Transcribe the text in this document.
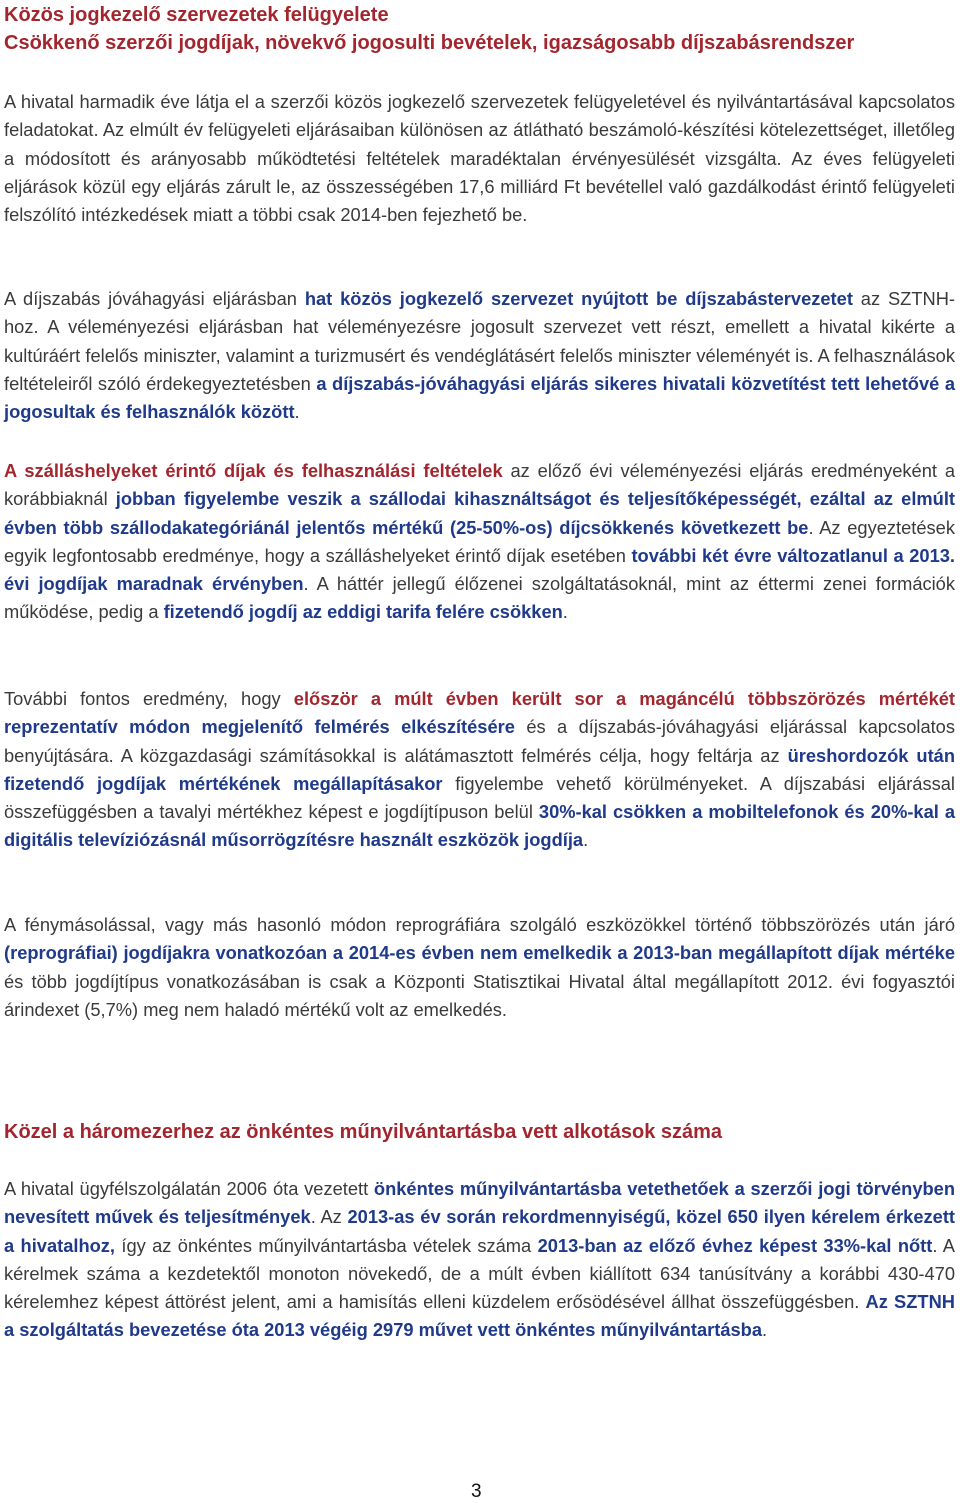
Közös jogkezelő szervezetek felügyelete
Csökkenő szerzői jogdíjak, növekvő jogosulti bevételek, igazságosabb díjszabásrendszer

A hivatal harmadik éve látja el a szerzői közös jogkezelő szervezetek felügyeletével és nyilvántartásával kapcsolatos feladatokat. Az elmúlt év felügyeleti eljárásaiban különösen az átlátható beszámoló-készítési kötelezettséget, illetőleg a módosított és arányosabb működtetési feltételek maradéktalan érvényesülését vizsgálta. Az éves felügyeleti eljárások közül egy eljárás zárult le, az összességében 17,6 milliárd Ft bevétellel való gazdálkodást érintő felügyeleti felszólító intézkedések miatt a többi csak 2014-ben fejezhető be.

A díjszabás jóváhagyási eljárásban hat közös jogkezelő szervezet nyújtott be díjszabástervezetet az SZTNH-hoz. A véleményezési eljárásban hat véleményezésre jogosult szervezet vett részt, emellett a hivatal kikérte a kultúráért felelős miniszter, valamint a turizmusért és vendéglátásért felelős miniszter véleményét is. A felhasználások feltételeiről szóló érdekegyeztetésben a díjszabás-jóváhagyási eljárás sikeres hivatali közvetítést tett lehetővé a jogosultak és felhasználók között.

A szálláshelyeket érintő díjak és felhasználási feltételek az előző évi véleményezési eljárás eredményeként a korábbiaknál jobban figyelembe veszik a szállodai kihasználtságot és teljesítőképességét, ezáltal az elmúlt évben több szállodakategóriánál jelentős mértékű (25-50%-os) díjcsökkenés következett be. Az egyeztetések egyik legfontosabb eredménye, hogy a szálláshelyeket érintő díjak esetében további két évre változatlanul a 2013. évi jogdíjak maradnak érvényben. A háttér jellegű élőzenei szolgáltatásoknál, mint az éttermi zenei formációk működése, pedig a fizetendő jogdíj az eddigi tarifa felére csökken.

További fontos eredmény, hogy először a múlt évben került sor a magáncélú többszörözés mértékét reprezentatív módon megjelenítő felmérés elkészítésére és a díjszabás-jóváhagyási eljárással kapcsolatos benyújtására. A közgazdasági számításokkal is alátámasztott felmérés célja, hogy feltárja az üreshordozók után fizetendő jogdíjak mértékének megállapításakor figyelembe vehető körülményeket. A díjszabási eljárással összefüggésben a tavalyi mértékhez képest e jogdíjtípuson belül 30%-kal csökken a mobiltelefonok és 20%-kal a digitális televíziózásnál műsorrögzítésre használt eszközök jogdíja.

A fénymásolással, vagy más hasonló módon reprográfiára szolgáló eszközökkel történő többszörözés után járó (reprográfiai) jogdíjakra vonatkozóan a 2014-es évben nem emelkedik a 2013-ban megállapított díjak mértéke és több jogdíjtípus vonatkozásában is csak a Központi Statisztikai Hivatal által megállapított 2012. évi fogyasztói árindexet (5,7%) meg nem haladó mértékű volt az emelkedés.

Közel a háromezerhez az önkéntes műnyilvántartásba vett alkotások száma

A hivatal ügyfélszolgálatán 2006 óta vezetett önkéntes műnyilvántartásba vetethetőek a szerzői jogi törvényben nevesített művek és teljesítmények. Az 2013-as év során rekordmennyiségű, közel 650 ilyen kérelem érkezett a hivatalhoz, így az önkéntes műnyilvántartásba vételek száma 2013-ban az előző évhez képest 33%-kal nőtt. A kérelmek száma a kezdetektől monoton növekedő, de a múlt évben kiállított 634 tanúsítvány a korábbi 430-470 kérelemhez képest áttörést jelent, ami a hamisítás elleni küzdelem erősödésével állhat összefüggésben. Az SZTNH a szolgáltatás bevezetése óta 2013 végéig 2979 művet vett önkéntes műnyilvántartásba.

3
